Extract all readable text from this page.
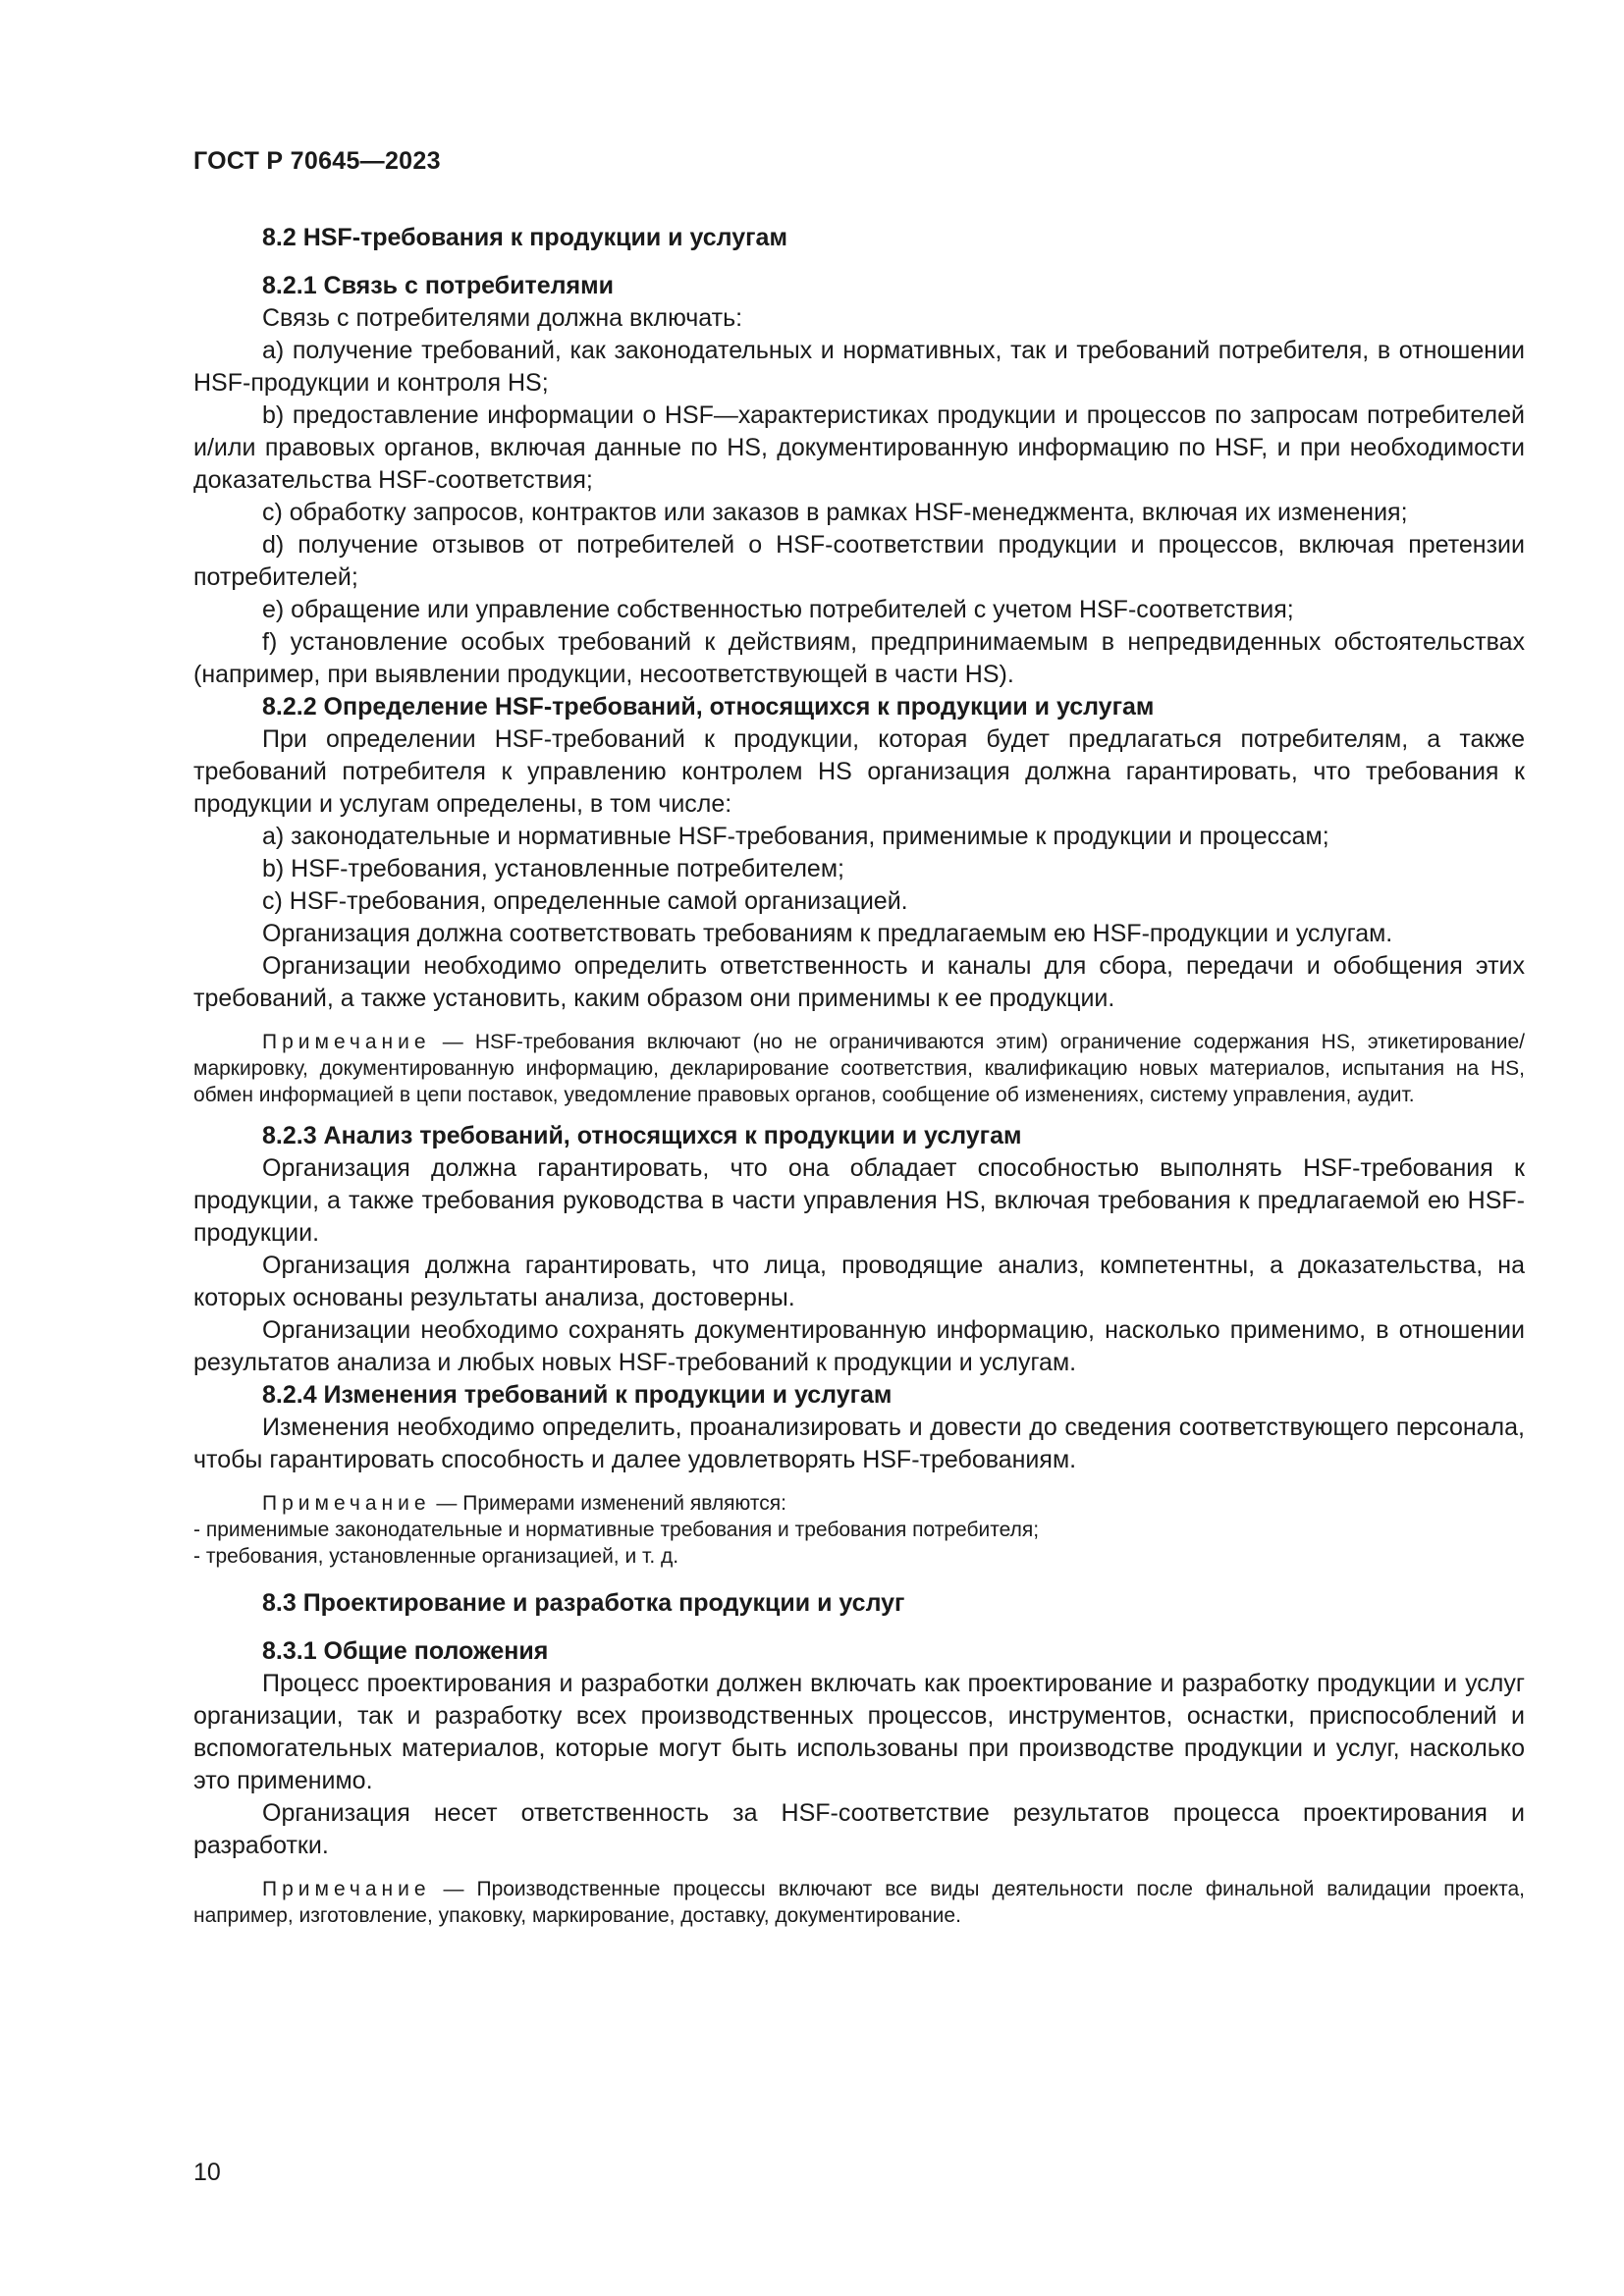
ГОСТ Р 70645—2023
8.2 HSF-требования к продукции и услугам
8.2.1 Связь с потребителями
Связь с потребителями должна включать:
a) получение требований, как законодательных и нормативных, так и требований потребителя, в отношении HSF-продукции и контроля HS;
b) предоставление информации о HSF—характеристиках продукции и процессов по запросам потребителей и/или правовых органов, включая данные по HS, документированную информацию по HSF, и при необходимости доказательства HSF-соответствия;
c) обработку запросов, контрактов или заказов в рамках HSF-менеджмента, включая их изменения;
d) получение отзывов от потребителей о HSF-соответствии продукции и процессов, включая претензии потребителей;
e) обращение или управление собственностью потребителей с учетом HSF-соответствия;
f) установление особых требований к действиям, предпринимаемым в непредвиденных обстоятельствах (например, при выявлении продукции, несоответствующей в части HS).
8.2.2 Определение HSF-требований, относящихся к продукции и услугам
При определении HSF-требований к продукции, которая будет предлагаться потребителям, а также требований потребителя к управлению контролем HS организация должна гарантировать, что требования к продукции и услугам определены, в том числе:
a) законодательные и нормативные HSF-требования, применимые к продукции и процессам;
b) HSF-требования, установленные потребителем;
c) HSF-требования, определенные самой организацией.
Организация должна соответствовать требованиям к предлагаемым ею HSF-продукции и услугам.
Организации необходимо определить ответственность и каналы для сбора, передачи и обобщения этих требований, а также установить, каким образом они применимы к ее продукции.
Примечание — HSF-требования включают (но не ограничиваются этим) ограничение содержания HS, этикетирование/маркировку, документированную информацию, декларирование соответствия, квалификацию новых материалов, испытания на HS, обмен информацией в цепи поставок, уведомление правовых органов, сообщение об изменениях, систему управления, аудит.
8.2.3 Анализ требований, относящихся к продукции и услугам
Организация должна гарантировать, что она обладает способностью выполнять HSF-требования к продукции, а также требования руководства в части управления HS, включая требования к предлагаемой ею HSF-продукции.
Организация должна гарантировать, что лица, проводящие анализ, компетентны, а доказательства, на которых основаны результаты анализа, достоверны.
Организации необходимо сохранять документированную информацию, насколько применимо, в отношении результатов анализа и любых новых HSF-требований к продукции и услугам.
8.2.4 Изменения требований к продукции и услугам
Изменения необходимо определить, проанализировать и довести до сведения соответствующего персонала, чтобы гарантировать способность и далее удовлетворять HSF-требованиям.
Примечание — Примерами изменений являются:
- применимые законодательные и нормативные требования и требования потребителя;
- требования, установленные организацией, и т. д.
8.3 Проектирование и разработка продукции и услуг
8.3.1 Общие положения
Процесс проектирования и разработки должен включать как проектирование и разработку продукции и услуг организации, так и разработку всех производственных процессов, инструментов, оснастки, приспособлений и вспомогательных материалов, которые могут быть использованы при производстве продукции и услуг, насколько это применимо.
Организация несет ответственность за HSF-соответствие результатов процесса проектирования и разработки.
Примечание — Производственные процессы включают все виды деятельности после финальной валидации проекта, например, изготовление, упаковку, маркирование, доставку, документирование.
10
